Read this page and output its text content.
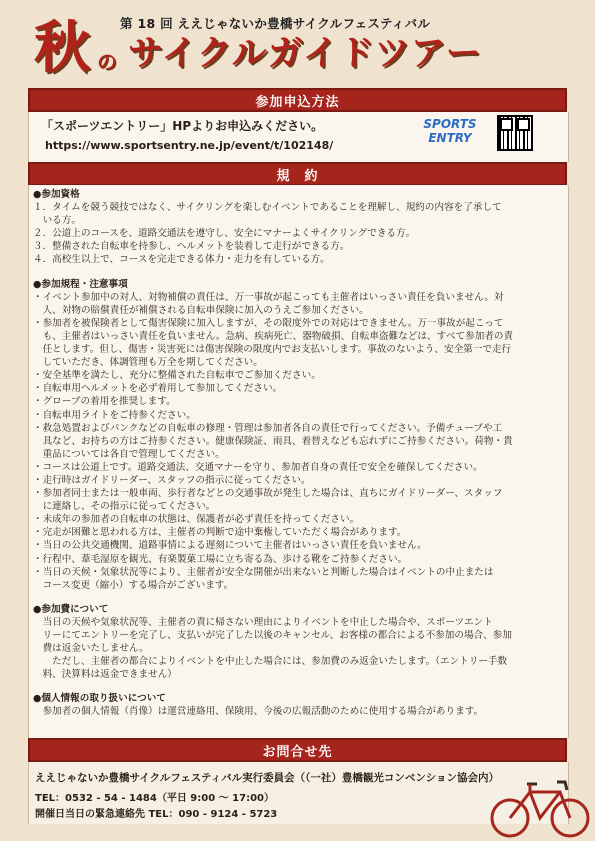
第 18 回 ええじゃないか豊橋サイクルフェスティバル
秋 の サイクルガイドツアー
参加申込方法
「スポーツエントリー」HPよりお申込みください。
https://www.sportsentry.ne.jp/event/t/102148/
SPORTS
ENTRY
規　約
●参加資格
１．タイムを競う競技ではなく、サイクリングを楽しむイベントであることを理解し、規約の内容を了承して
　いる方。
２．公道上のコースを、道路交通法を遵守し、安全にマナーよくサイクリングできる方。
３．整備された自転車を持参し、ヘルメットを装着して走行ができる方。
４．高校生以上で、コースを完走できる体力・走力を有している方。
●参加規程・注意事項
・イベント参加中の対人、対物補償の責任は、万一事故が起こっても主催者はいっさい責任を負いません。対
　人、対物の賠償責任が補償される自転車保険に加入のうえご参加ください。
・参加者を被保険者として傷害保険に加入しますが、その限度外での対応はできません。万一事故が起こって
　も、主催者はいっさい責任を負いません。急病、疾病死亡、器物破損、自転車盗難などは、すべて参加者の責
　任とします。但し、傷害・災害死には傷害保険の限度内でお支払いします。事故のないよう、安全第一で走行
　していただき、体調管理も万全を期してください。
・安全基準を満たし、充分に整備された自転車でご参加ください。
・自転車用ヘルメットを必ず着用して参加してください。
・グローブの着用を推奨します。
・自転車用ライトをご持参ください。
・救急処置およびパンクなどの自転車の修理・管理は参加者各自の責任で行ってください。予備チューブや工
　具など、お持ちの方はご持参ください。健康保険証、雨具、着替えなども忘れずにご持参ください。荷物・貴
　重品については各自で管理してください。
・コースは公道上です。道路交通法、交通マナーを守り、参加者自身の責任で安全を確保してください。
・走行時はガイドリーダー、スタッフの指示に従ってください。
・参加者同士または一般車両、歩行者などとの交通事故が発生した場合は、直ちにガイドリーダー、スタッフ
　に連絡し、その指示に従ってください。
・未成年の参加者の自転車の状態は、保護者が必ず責任を持ってください。
・完走が困難と思われる方は、主催者の判断で途中棄権していただく場合があります。
・当日の公共交通機関、道路事情による遅刻について主催者はいっさい責任を負いません。
・行程中、葦毛湿原を観光、有楽製菓工場に立ち寄る為、歩ける靴をご持参ください。
・当日の天候・気象状況等により、主催者が安全な開催が出来ないと判断した場合はイベントの中止または
　コース変更（縮小）する場合がございます。
●参加費について
　当日の天候や気象状況等、主催者の責に帰さない理由によりイベントを中止した場合や、スポーツエント
　リーにてエントリーを完了し、支払いが完了した以後のキャンセル、お客様の都合による不参加の場合、参加
　費は返金いたしません。
　　ただし、主催者の都合によりイベントを中止した場合には、参加費のみ返金いたします。（エントリー手数
　料、決算料は返金できません）
●個人情報の取り扱いについて
　参加者の個人情報（肖像）は運営連絡用、保険用、今後の広報活動のために使用する場合があります。
お問合せ先
ええじゃないか豊橋サイクルフェスティバル実行委員会（（一社）豊橋観光コンベンション協会内）
TEL：0532 - 54 - 1484（平日 9:00 ～ 17:00）
開催日当日の緊急連絡先 TEL：090 - 9124 - 5723
